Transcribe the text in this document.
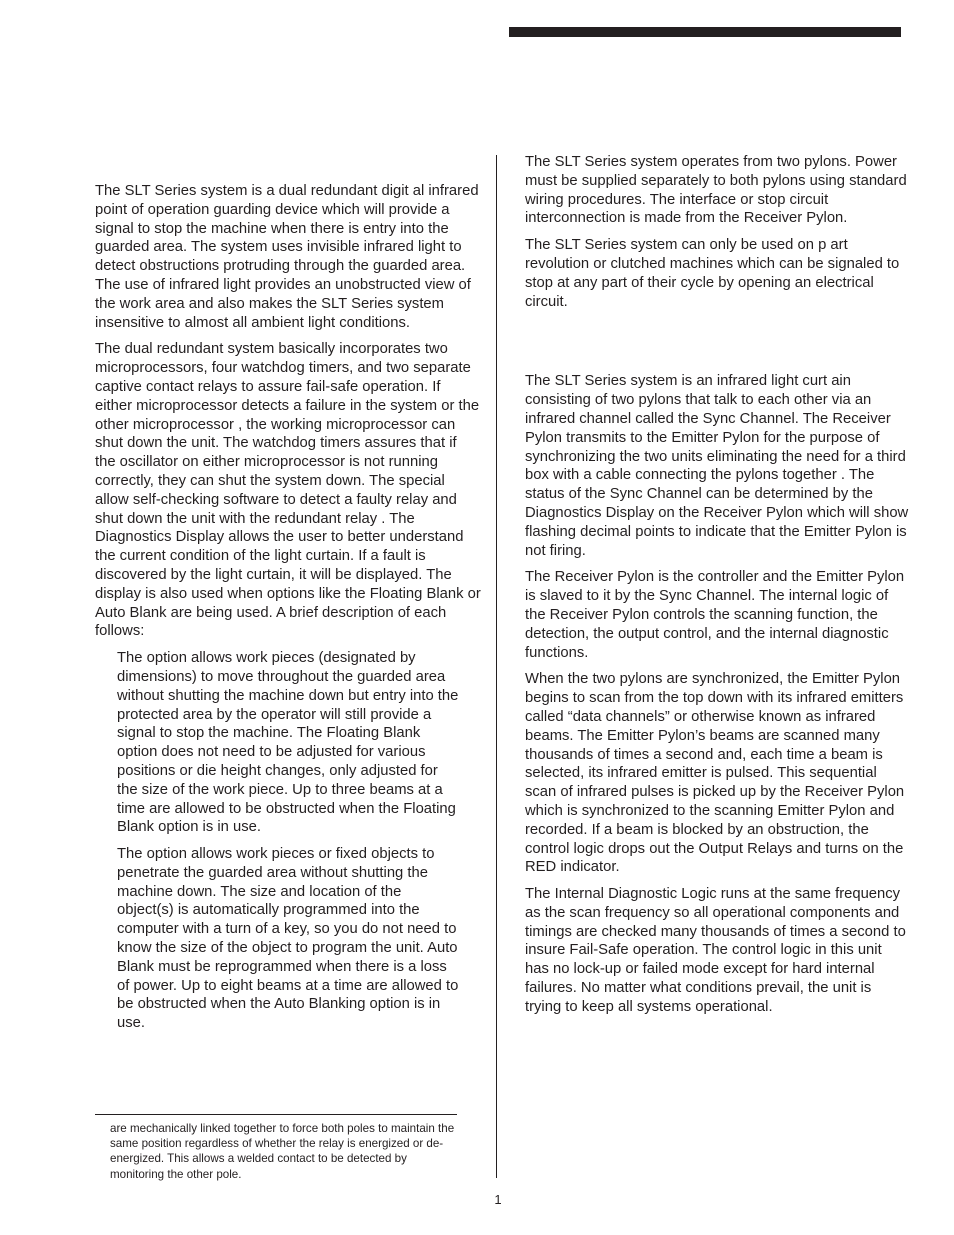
The SLT Series system is a dual redundant digit al infrared point of operation guarding device which will provide a signal to stop the machine when there is entry into the guarded area. The system uses invisible infrared light to detect obstructions protruding through the guarded area. The use of infrared light provides an unobstructed view of the work area and also makes the SLT Series system insensitive to almost all ambient light conditions.

The dual redundant system basically incorporates two microprocessors, four watchdog timers, and two separate captive contact relays to assure fail-safe operation. If either microprocessor detects a failure in the system or the other microprocessor , the working microprocessor can shut down the unit. The watchdog timers assures that if the oscillator on either microprocessor is not running correctly, they can shut the system down. The special allow self-checking software to detect a faulty relay and shut down the unit with the redundant relay . The Diagnostics Display allows the user to better understand the current condition of the light curtain. If a fault is discovered by the light curtain, it will be displayed. The display is also used when options like the Floating Blank or Auto Blank are being used. A brief description of each follows:

The option allows work pieces (designated by dimensions) to move throughout the guarded area without shutting the machine down but entry into the protected area by the operator will still provide a signal to stop the machine. The Floating Blank option does not need to be adjusted for various positions or die height changes, only adjusted for the size of the work piece. Up to three beams at a time are allowed to be obstructed when the Floating Blank option is in use.

The option allows work pieces or fixed objects to penetrate the guarded area without shutting the machine down. The size and location of the object(s) is automatically programmed into the computer with a turn of a key, so you do not need to know the size of the object to program the unit. Auto Blank must be reprogrammed when there is a loss of power. Up to eight beams at a time are allowed to be obstructed when the Auto Blanking option is in use.

are mechanically linked together to force both poles to maintain the same position regardless of whether the relay is energized or de-energized. This allows a welded contact to be detected by monitoring the other pole.

The SLT Series system operates from two pylons. Power must be supplied separately to both pylons using standard wiring procedures. The interface or stop circuit interconnection is made from the Receiver Pylon.

The SLT Series system can only be used on p art revolution or clutched machines which can be signaled to stop at any part of their cycle by opening an electrical circuit.

The SLT Series system is an infrared light curt ain consisting of two pylons that talk to each other via an infrared channel called the Sync Channel. The Receiver Pylon transmits to the Emitter Pylon for the purpose of synchronizing the two units eliminating the need for a third box with a cable connecting the pylons together . The status of the Sync Channel can be determined by the Diagnostics Display on the Receiver Pylon which will show flashing decimal points to indicate that the Emitter Pylon is not firing.

The Receiver Pylon is the controller and the Emitter Pylon is slaved to it by the Sync Channel. The internal logic of the Receiver Pylon controls the scanning function, the detection, the output control, and the internal diagnostic functions.

When the two pylons are synchronized, the Emitter Pylon begins to scan from the top down with its infrared emitters called “data channels” or otherwise known as infrared beams. The Emitter Pylon’s beams are scanned many thousands of times a second and, each time a beam is selected, its infrared emitter is pulsed. This sequential scan of infrared pulses is picked up by the Receiver Pylon which is synchronized to the scanning Emitter Pylon and recorded. If a beam is blocked by an obstruction, the control logic drops out the Output Relays and turns on the RED indicator.

The Internal Diagnostic Logic runs at the same frequency as the scan frequency so all operational components and timings are checked many thousands of times a second to insure Fail-Safe operation. The control logic in this unit has no lock-up or failed mode except for hard internal failures. No matter what conditions prevail, the unit is trying to keep all systems operational.

1
